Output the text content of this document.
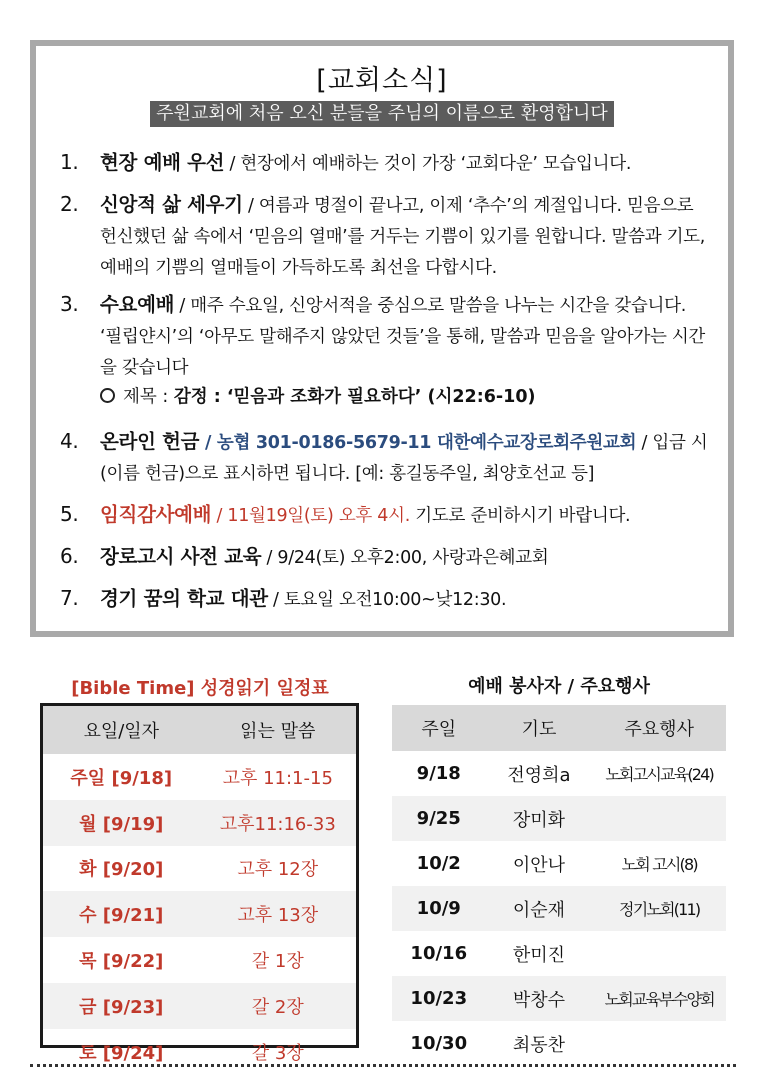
[교회소식]
주원교회에 처음 오신 분들을 주님의 이름으로 환영합니다
1. 현장 예배 우선 / 현장에서 예배하는 것이 가장 ‘교회다운’ 모습입니다.
2. 신앙적 삶 세우기 / 여름과 명절이 끝나고, 이제 ‘추수’의 계절입니다. 믿음으로 헌신했던 삶 속에서 ‘믿음의 열매’를 거두는 기쁨이 있기를 원합니다. 말씀과 기도, 예배의 기쁨의 열매들이 가득하도록 최선을 다합시다.
3. 수요예배 / 매주 수요일, 신앙서적을 중심으로 말씀을 나누는 시간을 갖습니다. ‘필립얀시’의 ‘아무도 말해주지 않았던 것들’을 통해, 말씀과 믿음을 알아가는 시간을 갖습니다
제목 : 감정 : ‘믿음과 조화가 필요하다’ (시22:6-10)
4. 온라인 헌금 / 농협 301-0186-5679-11 대한예수교장로회주원교회 / 입금 시 (이름 헌금)으로 표시하면 됩니다. [예: 홍길동주일, 최양호선교 등]
5. 임직감사예배 / 11월19일(토) 오후 4시. 기도로 준비하시기 바랍니다.
6. 장로고시 사전 교육 / 9/24(토) 오후2:00, 사랑과은혜교회
7. 경기 꿈의 학교 대관 / 토요일 오전10:00~낮12:30.
[Bible Time] 성경읽기 일정표
요일/일자	읽는 말씀
주일 [9/18]	고후 11:1-15
월 [9/19]	고후11:16-33
화 [9/20]	고후 12장
수 [9/21]	고후 13장
목 [9/22]	갈 1장
금 [9/23]	갈 2장
토 [9/24]	갈 3장
예배 봉사자 / 주요행사
주일	기도	주요행사
9/18	전영희a	노회고시교육(24)
9/25	장미화	
10/2	이안나	노회 고시(8)
10/9	이순재	정기노회(11)
10/16	한미진	
10/23	박창수	노회교육부수양회
10/30	최동찬	
